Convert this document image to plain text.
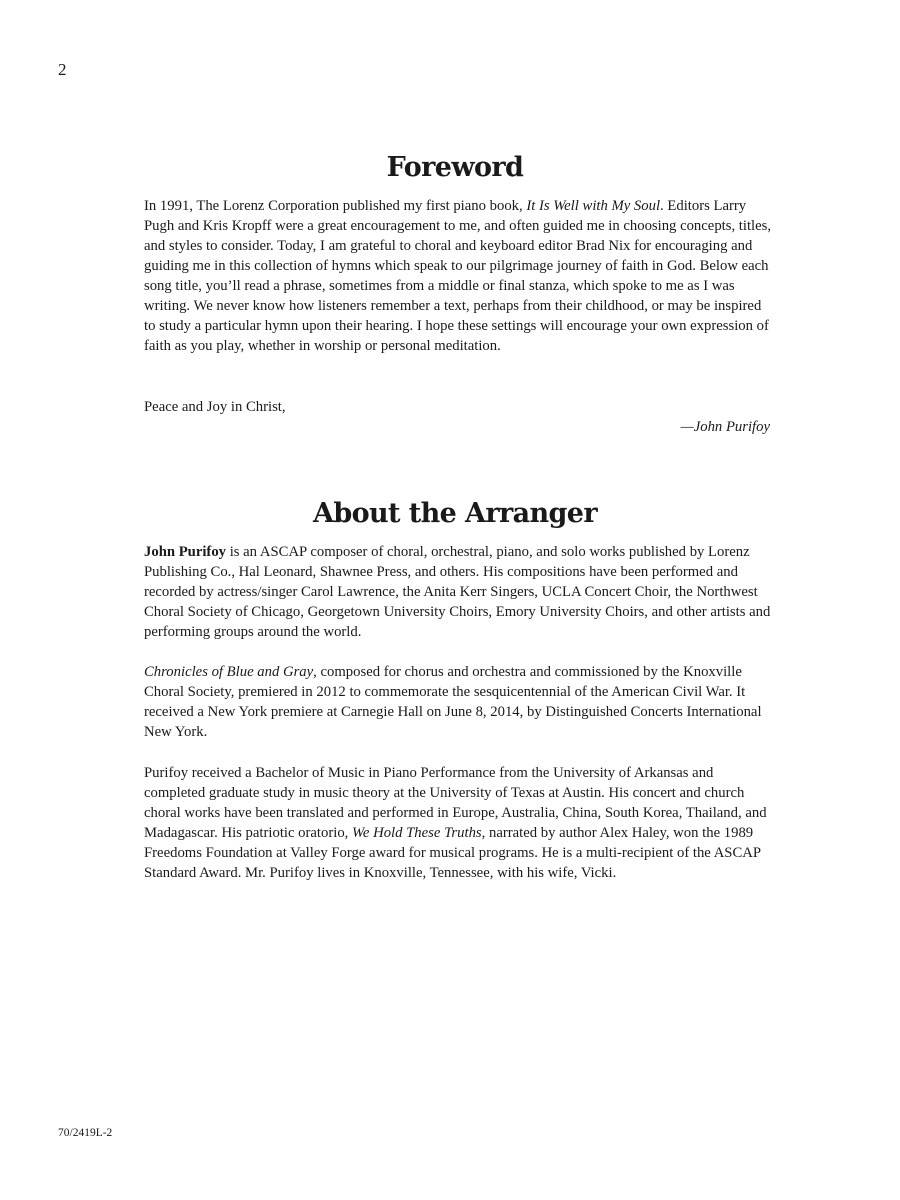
2
Foreword

In 1991, The Lorenz Corporation published my first piano book, It Is Well with My Soul. Editors Larry Pugh and Kris Kropff were a great encouragement to me, and often guided me in choosing concepts, titles, and styles to consider. Today, I am grateful to choral and keyboard editor Brad Nix for encouraging and guiding me in this collection of hymns which speak to our pilgrimage journey of faith in God. Below each song title, you’ll read a phrase, sometimes from a middle or final stanza, which spoke to me as I was writing. We never know how listeners remember a text, perhaps from their childhood, or may be inspired to study a particular hymn upon their hearing. I hope these settings will encourage your own expression of faith as you play, whether in worship or personal meditation.

Peace and Joy in Christ,
—John Purifoy
About the Arranger

John Purifoy is an ASCAP composer of choral, orchestral, piano, and solo works published by Lorenz Publishing Co., Hal Leonard, Shawnee Press, and others. His compositions have been performed and recorded by actress/singer Carol Lawrence, the Anita Kerr Singers, UCLA Concert Choir, the Northwest Choral Society of Chicago, Georgetown University Choirs, Emory University Choirs, and other artists and performing groups around the world.

Chronicles of Blue and Gray, composed for chorus and orchestra and commissioned by the Knoxville Choral Society, premiered in 2012 to commemorate the sesquicentennial of the American Civil War. It received a New York premiere at Carnegie Hall on June 8, 2014, by Distinguished Concerts International New York.

Purifoy received a Bachelor of Music in Piano Performance from the University of Arkansas and completed graduate study in music theory at the University of Texas at Austin. His concert and church choral works have been translated and performed in Europe, Australia, China, South Korea, Thailand, and Madagascar. His patriotic oratorio, We Hold These Truths, narrated by author Alex Haley, won the 1989 Freedoms Foundation at Valley Forge award for musical programs. He is a multi-recipient of the ASCAP Standard Award. Mr. Purifoy lives in Knoxville, Tennessee, with his wife, Vicki.

70/2419L-2
